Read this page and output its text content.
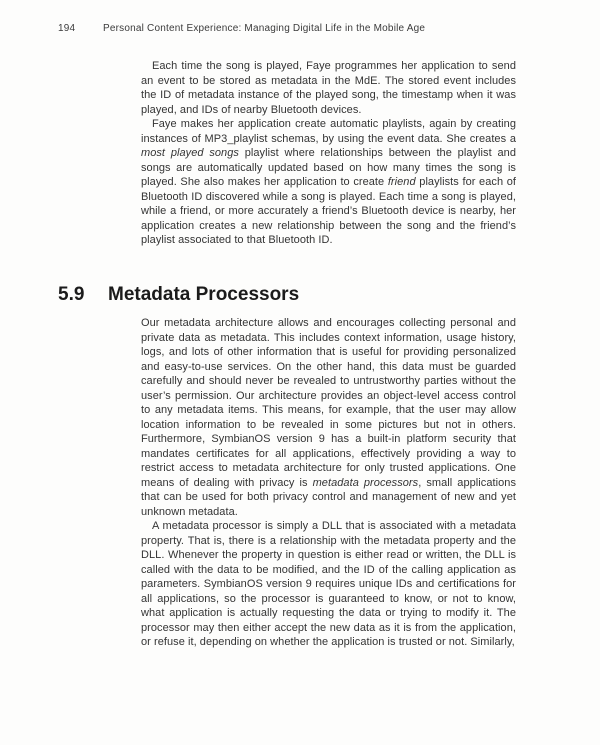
194	Personal Content Experience: Managing Digital Life in the Mobile Age

Each time the song is played, Faye programmes her application to send an event to be stored as metadata in the MdE. The stored event includes the ID of metadata instance of the played song, the timestamp when it was played, and IDs of nearby Bluetooth devices.

Faye makes her application create automatic playlists, again by creating instances of MP3_playlist schemas, by using the event data. She creates a most played songs playlist where relationships between the playlist and songs are automatically updated based on how many times the song is played. She also makes her application to create friend playlists for each of Bluetooth ID discovered while a song is played. Each time a song is played, while a friend, or more accurately a friend’s Bluetooth device is nearby, her application creates a new relationship between the song and the friend’s playlist associated to that Bluetooth ID.

5.9 Metadata Processors

Our metadata architecture allows and encourages collecting personal and private data as metadata. This includes context information, usage history, logs, and lots of other information that is useful for providing personalized and easy-to-use services. On the other hand, this data must be guarded carefully and should never be revealed to untrustworthy parties without the user’s permission. Our architecture provides an object-level access control to any metadata items. This means, for example, that the user may allow location information to be revealed in some pictures but not in others. Furthermore, SymbianOS version 9 has a built-in platform security that mandates certificates for all applications, effectively providing a way to restrict access to metadata architecture for only trusted applications. One means of dealing with privacy is metadata processors, small applications that can be used for both privacy control and management of new and yet unknown metadata.

A metadata processor is simply a DLL that is associated with a metadata property. That is, there is a relationship with the metadata property and the DLL. Whenever the property in question is either read or written, the DLL is called with the data to be modified, and the ID of the calling application as parameters. SymbianOS version 9 requires unique IDs and certifications for all applications, so the processor is guaranteed to know, or not to know, what application is actually requesting the data or trying to modify it. The processor may then either accept the new data as it is from the application, or refuse it, depending on whether the application is trusted or not. Similarly,
